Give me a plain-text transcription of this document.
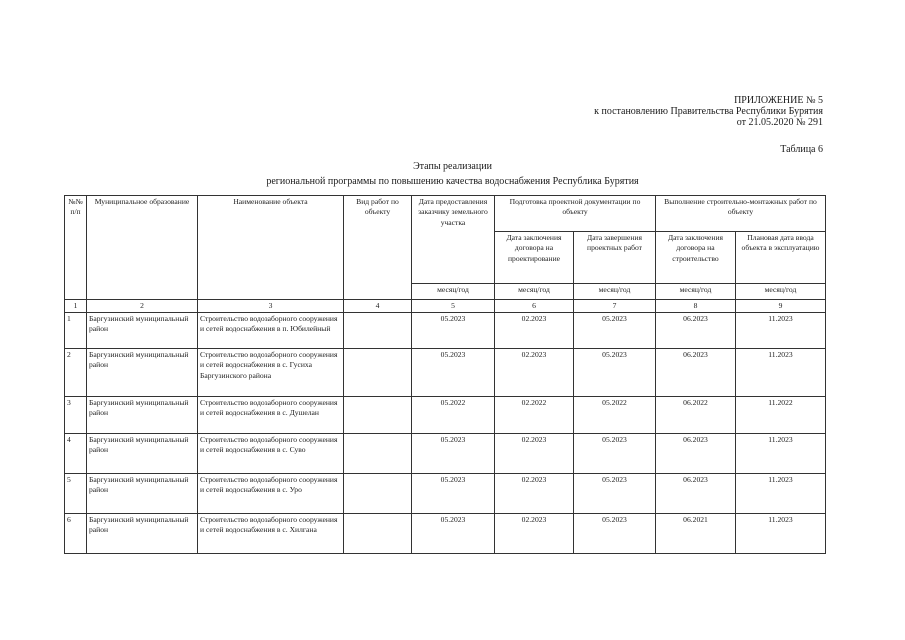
ПРИЛОЖЕНИЕ № 5
к постановлению Правительства Республики Бурятия
от 21.05.2020 № 291
Таблица 6
Этапы реализации
региональной программы по повышению качества водоснабжения Республика Бурятия
№№ п/п	Муниципальное образование	Наименование объекта	Вид работ по объекту	Дата предоставления заказчику земельного участка	Подготовка проектной документации по объекту		Выполнение строительно-монтажных работ по объекту	
					Дата заключения договора на проектирование	Дата завершения проектных работ	Дата заключения договора на строительство	Плановая дата ввода объекта в эксплуатацию
				месяц/год	месяц/год	месяц/год	месяц/год	месяц/год
1	2	3	4	5	6	7	8	9
1	Баргузинский муниципальный район	Строительство водозаборного сооружения и сетей водоснабжения в п. Юбилейный		05.2023	02.2023	05.2023	06.2023	11.2023
2	Баргузинский муниципальный район	Строительство водозаборного сооружения и сетей водоснабжения в с. Гусиха Баргузинского района		05.2023	02.2023	05.2023	06.2023	11.2023
3	Баргузинский муниципальный район	Строительство водозаборного сооружения и сетей водоснабжения в с. Душелан		05.2022	02.2022	05.2022	06.2022	11.2022
4	Баргузинский муниципальный район	Строительство водозаборного сооружения и сетей водоснабжения в с. Суво		05.2023	02.2023	05.2023	06.2023	11.2023
5	Баргузинский муниципальный район	Строительство водозаборного сооружения и сетей водоснабжения в с. Уро		05.2023	02.2023	05.2023	06.2023	11.2023
6	Баргузинский муниципальный район	Строительство водозаборного сооружения и сетей водоснабжения в с. Хилгана		05.2023	02.2023	05.2023	06.2021	11.2023
